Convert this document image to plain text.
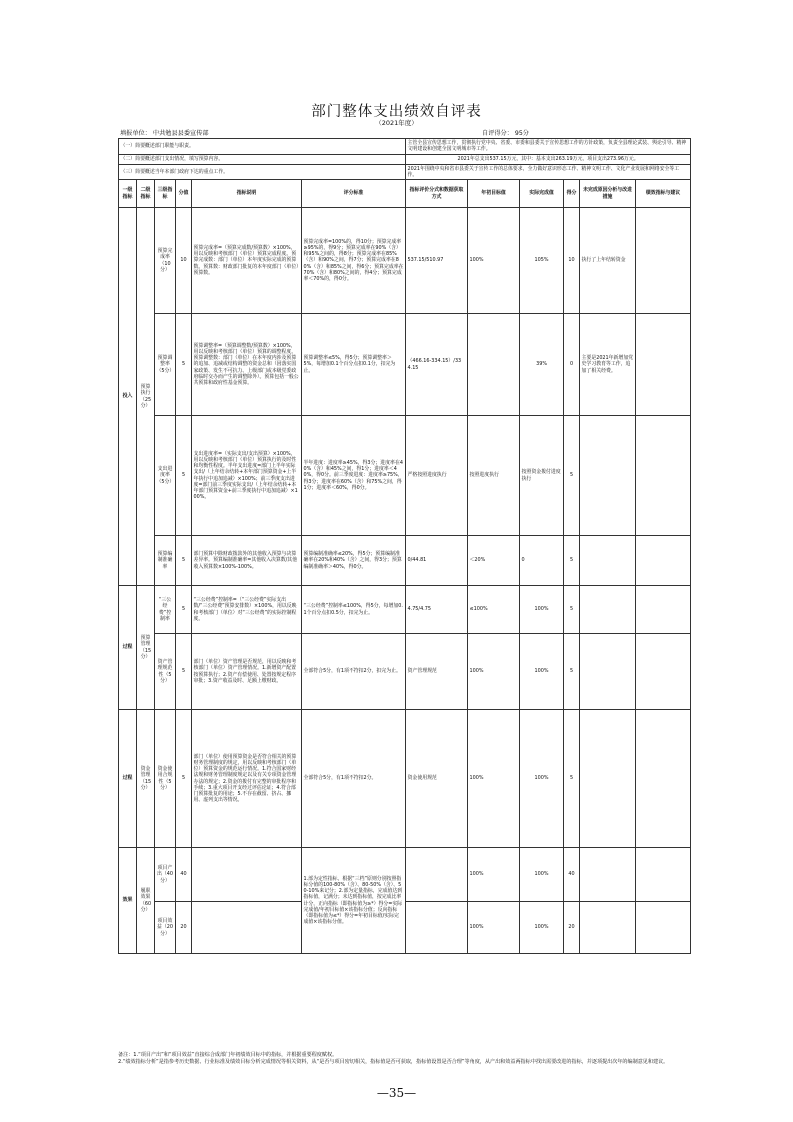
部门整体支出绩效自评表
（2021年度）
填报单位： 中共勉县县委宣传部	自评得分： 95分
（一）简要概述部门职能与职责。						主管全县宣传思想工作，贯彻执行党中央、省委、市委和县委关于宣传思想工作的方针政策，负责全县理论武装、舆论引导、精神文明建设和创建全国文明城市等工作。					
（二）简要概述部门支出情况，填写预算内容。						2021年总支出537.15万元，其中：基本支出263.19万元，项目支出273.96万元。					
（三）简要概述当年本部门政府下达的重点工作。						2021年围绕中央和省市县委关于宣传工作的总体要求，全力做好意识形态工作、精神文明工作、文化产业发展和网络安全等工作。					
一级指标	二级指标	三级指标	分值	指标说明	评分标准	指标评价分式和数据获取方式	年初目标值	实际完成值	得分	未完成原因分析与改进措施	绩效指标与建议
投入	预算执行（25分）	预算完成率（10分）	10	预算完成率=（预算完成数/预算数）×100%，用以反映和考核部门（单位）预算完成程度。预算完成数：部门（单位）本年度实际完成的预算数。预算数：财政部门批复的本年度部门（单位）预算数。	预算完成率=100%的，得10分；预算完成率≥95%的，得9分；预算完成率在90%（含）和95%之间的，得8分；预算完成率在85%（含）和90%之间，得7分；预算完成率在80%（含）和85%之间，得6分；预算完成率在70%（含）和80%之间的，得4分；预算完成率＜70%的，得0分。	537.15/510.97	100%	105%	10	执行了上年结转资金	
		预算调整率（5分）	5	预算调整率=（预算调整数/预算数）×100%，用以反映和考核部门（单位）预算的调整程度。预算调整数：部门（单位）在本年度内涉及预算的追加、追减或结构调整的资金总和（因落实国家政策、发生不可抗力、上级部门或本级党委政府临时交办而产生的调整除外）。预算包括一般公共预算和政府性基金预算。	预算调整率≤5%，得5分；预算调整率＞5%，每增加0.1个百分点扣0.1分，扣完为止。	（466.16-334.15）/334.15		39%	0	主要是2021年新增加党史学习教育等工作，追加了相关经费。	
		支出进度率（5分）	5	支出进度率=（实际支出/支出预算）×100%，用以反映和考核部门（单位）预算执行的及时性和均衡性程度。半年支出进度=部门上半年实际支出/（上年结余结转+本年部门预算资金+上半年执行中追加追减）×100%；前三季度支出进度=部门前三季度实际支出/（上年结余结转+本年部门预算资金+前三季度执行中追加追减）×100%。	半年进度：进度率≥45%，得3分；进度率在40%（含）和45%之间，得1分；进度率＜40%，得0分。前三季度进度：进度率≥75%，得3分；进度率在60%（含）和75%之间，得1分；进度率＜60%，得0分。	严格按照进度执行	按照进度执行	按照资金拨付进度执行	5		
		预算编制准确率	5	部门预算中除财政拨款外的其他收入预算与决算差异率。预算编制准确率=其他收入决算数/其他收入预算数×100%-100%。	预算编制准确率≤20%，得5分；预算编制准确率在20%和40%（含）之间，得3分；预算编制准确率＞40%，得0分。	0/44.81	＜20%	0	5		
过程	预算管理（15分）	“三公经费”控制率	5	“三公经费”控制率=（“三公经费”实际支出数/“三公经费”预算安排数）×100%，用以反映和考核部门（单位）对“三公经费”的实际控制程度。	“三公经费”控制率≤100%，得5分，每增加0.1个百分点扣0.5分，扣完为止。	4.75/4.75	≤100%	100%	5		
		资产管理规范性（5分）	5	部门（单位）资产管理是否规范，用以反映和考核部门（单位）资产管理情况。1.新增资产配置按预算执行；2.资产有偿使用、处置按规定程序审批；3.资产收益及时、足额上缴财政。	全部符合5分，有1项不符扣2分，扣完为止。	资产管理规范	100%	100%	5		
过程	资金管理（15分）	资金使用合规性（5分）	5	部门（单位）使用预算资金是否符合相关的预算财务管理制度的规定，用以反映和考核部门（单位）预算资金的规范运行情况。1.符合国家财经法规和财务管理制度规定以及有关专项资金管理办法的规定；2.资金的拨付有完整的审批程序和手续；3.重大项目开支经过评估论证；4.符合部门预算批复的用途；5.不存在截留、挤占、挪用、虚列支出等情况。	全部符合5分，有1项不符扣2分。	资金使用规范	100%	100%	5		
效果	履职效果（60分）	项目产出（40分）	40		1.部为定性指标，根据“三档”原则分别按照指标分值的100-80%（含）、80-50%（含）、50-10%来记分；2.部为定量指标，完成值达到指标值，记满分；未达到指标值，按完成比率计分，正向指标（即指标值为≥*）得分=实际完成值/年初目标值×该指标分值；反向指标（即指标值为≤*）得分=年初目标值/实际完成值×该指标分值。		100%	100%	40		
		项目效益（20分）	20				100%	100%	20		
备注：1.“项目产出”和“项目效益”直接综合成部门年初绩效目标中的指标，并根据重要程度赋权。
2.“绩效指标分析”是指参考历史数据、行业标准及绩效目标分析完成情况等相关资料，从“是否与项目密切相关，指标值是否可获取，指标值设置是否合理”等角度，从产出和效益两指标中找出需要改进的指标，并逐项提出次年的编制意见和建议。
—35—
